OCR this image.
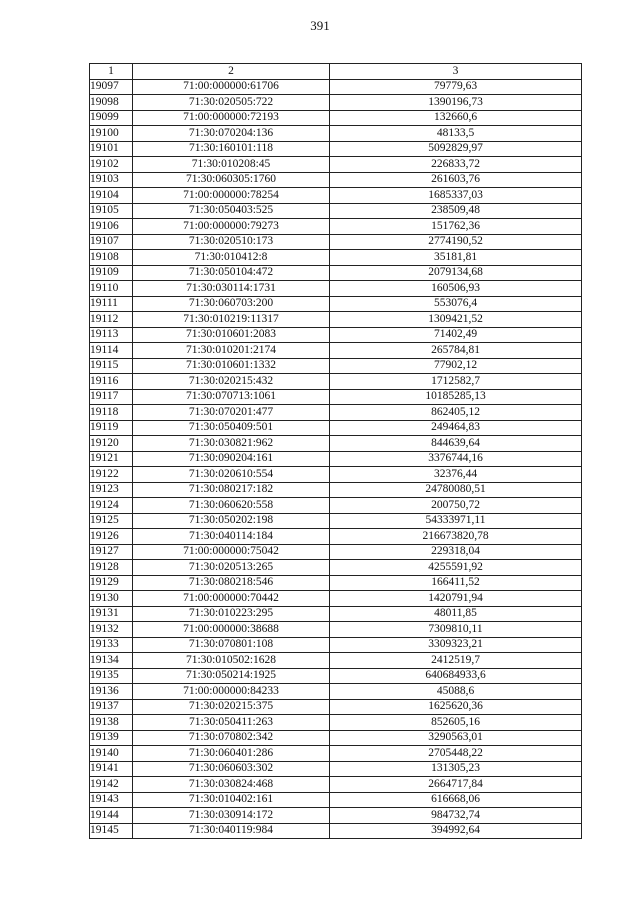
391
1	2	3
19097	71:00:000000:61706	79779,63
19098	71:30:020505:722	1390196,73
19099	71:00:000000:72193	132660,6
19100	71:30:070204:136	48133,5
19101	71:30:160101:118	5092829,97
19102	71:30:010208:45	226833,72
19103	71:30:060305:1760	261603,76
19104	71:00:000000:78254	1685337,03
19105	71:30:050403:525	238509,48
19106	71:00:000000:79273	151762,36
19107	71:30:020510:173	2774190,52
19108	71:30:010412:8	35181,81
19109	71:30:050104:472	2079134,68
19110	71:30:030114:1731	160506,93
19111	71:30:060703:200	553076,4
19112	71:30:010219:11317	1309421,52
19113	71:30:010601:2083	71402,49
19114	71:30:010201:2174	265784,81
19115	71:30:010601:1332	77902,12
19116	71:30:020215:432	1712582,7
19117	71:30:070713:1061	10185285,13
19118	71:30:070201:477	862405,12
19119	71:30:050409:501	249464,83
19120	71:30:030821:962	844639,64
19121	71:30:090204:161	3376744,16
19122	71:30:020610:554	32376,44
19123	71:30:080217:182	24780080,51
19124	71:30:060620:558	200750,72
19125	71:30:050202:198	54333971,11
19126	71:30:040114:184	216673820,78
19127	71:00:000000:75042	229318,04
19128	71:30:020513:265	4255591,92
19129	71:30:080218:546	166411,52
19130	71:00:000000:70442	1420791,94
19131	71:30:010223:295	48011,85
19132	71:00:000000:38688	7309810,11
19133	71:30:070801:108	3309323,21
19134	71:30:010502:1628	2412519,7
19135	71:30:050214:1925	640684933,6
19136	71:00:000000:84233	45088,6
19137	71:30:020215:375	1625620,36
19138	71:30:050411:263	852605,16
19139	71:30:070802:342	3290563,01
19140	71:30:060401:286	2705448,22
19141	71:30:060603:302	131305,23
19142	71:30:030824:468	2664717,84
19143	71:30:010402:161	616668,06
19144	71:30:030914:172	984732,74
19145	71:30:040119:984	394992,64
